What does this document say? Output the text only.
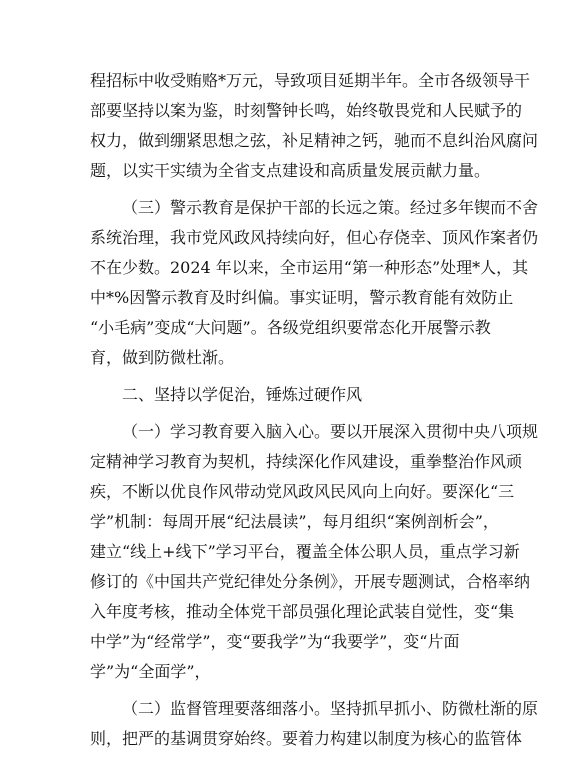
程招标中收受贿赂*万元，导致项目延期半年。全市各级领导干
部要坚持以案为鉴，时刻警钟长鸣，始终敬畏党和人民赋予的
权力，做到绷紧思想之弦，补足精神之钙，驰而不息纠治风腐问
题，以实干实绩为全省支点建设和高质量发展贡献力量。

（三）警示教育是保护干部的长远之策。经过多年锲而不舍
系统治理，我市党风政风持续向好，但心存侥幸、顶风作案者仍
不在少数。2024 年以来，全市运用“第一种形态”处理*人，其
中*%因警示教育及时纠偏。事实证明，警示教育能有效防止
“小毛病”变成“大问题”。各级党组织要常态化开展警示教
育，做到防微杜渐。

二、坚持以学促治，锤炼过硬作风

（一）学习教育要入脑入心。要以开展深入贯彻中央八项规
定精神学习教育为契机，持续深化作风建设，重拳整治作风顽
疾，不断以优良作风带动党风政风民风向上向好。要深化“三
学”机制：每周开展“纪法晨读”，每月组织“案例剖析会”，
建立“线上+线下”学习平台，覆盖全体公职人员，重点学习新
修订的《中国共产党纪律处分条例》，开展专题测试，合格率纳
入年度考核，推动全体党干部员强化理论武装自觉性，变“集
中学”为“经常学”，变“要我学”为“我要学”，变“片面
学”为“全面学”，

（二）监督管理要落细落小。坚持抓早抓小、防微杜渐的原
则，把严的基调贯穿始终。要着力构建以制度为核心的监管体
